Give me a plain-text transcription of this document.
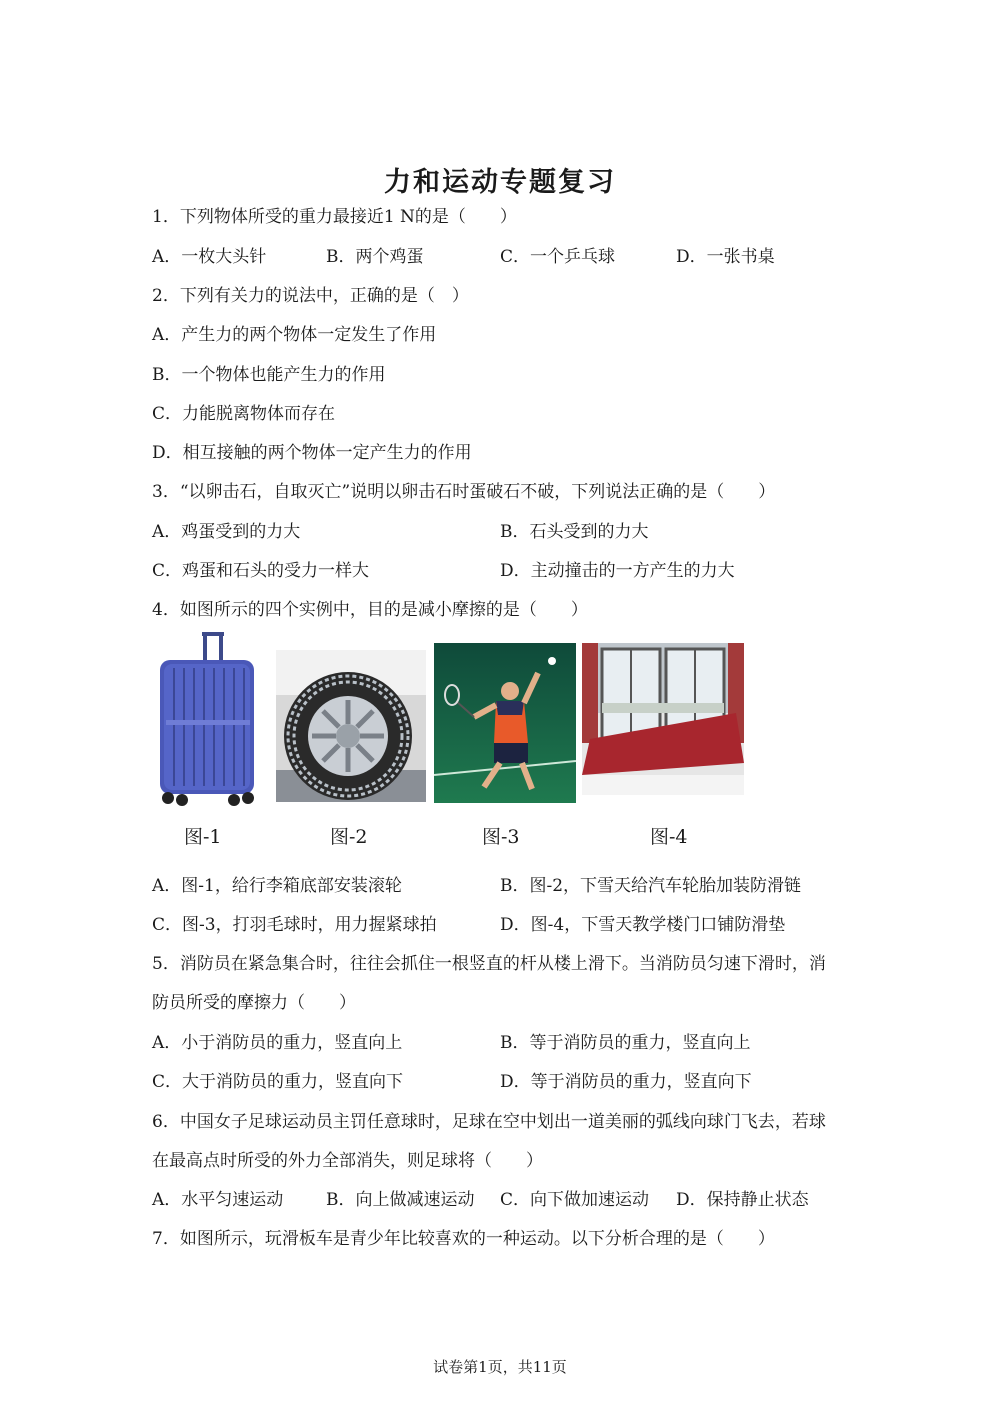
力和运动专题复习
1．下列物体所受的重力最接近1 N的是（　　）
A．一枚大头针	B．两个鸡蛋	C．一个乒乓球	D．一张书桌
2．下列有关力的说法中，正确的是（　）
A．产生力的两个物体一定发生了作用
B．一个物体也能产生力的作用
C．力能脱离物体而存在
D．相互接触的两个物体一定产生力的作用
3．“以卵击石，自取灭亡”说明以卵击石时蛋破石不破，下列说法正确的是（　　）
A．鸡蛋受到的力大	B．石头受到的力大
C．鸡蛋和石头的受力一样大	D．主动撞击的一方产生的力大
4．如图所示的四个实例中，目的是减小摩擦的是（　　）
图-1	图-2	图-3	图-4
A．图-1，给行李箱底部安装滚轮	B．图-2，下雪天给汽车轮胎加装防滑链
C．图-3，打羽毛球时，用力握紧球拍	D．图-4，下雪天教学楼门口铺防滑垫
5．消防员在紧急集合时，往往会抓住一根竖直的杆从楼上滑下。当消防员匀速下滑时，消
防员所受的摩擦力（　　）
A．小于消防员的重力，竖直向上	B．等于消防员的重力，竖直向上
C．大于消防员的重力，竖直向下	D．等于消防员的重力，竖直向下
6．中国女子足球运动员主罚任意球时，足球在空中划出一道美丽的弧线向球门飞去，若球
在最高点时所受的外力全部消失，则足球将（　　）
A．水平匀速运动	B．向上做减速运动 C．向下做加速运动 D．保持静止状态
7．如图所示，玩滑板车是青少年比较喜欢的一种运动。以下分析合理的是（　　）
试卷第1页，共11页
